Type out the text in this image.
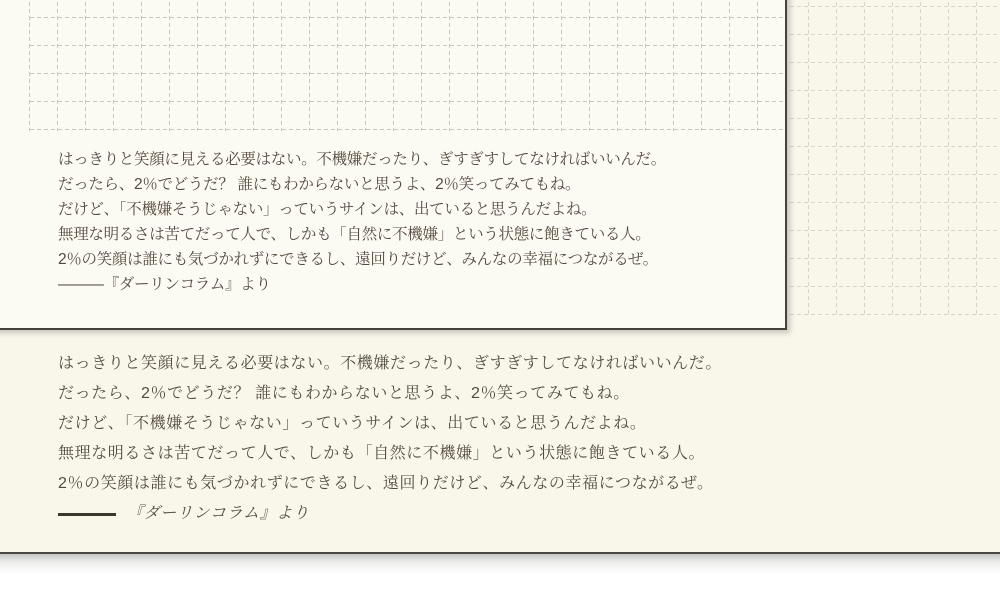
はっきりと笑顔に見える必要はない。不機嫌だったり、ぎすぎすしてなければいいんだ。
だったら、2％でどうだ？ 誰にもわからないと思うよ、2％笑ってみてもね。
だけど、「不機嫌そうじゃない」っていうサインは、出ていると思うんだよね。
無理な明るさは苦てだって人で、しかも「自然に不機嫌」という状態に飽きている人。
2％の笑顔は誰にも気づかれずにできるし、遠回りだけど、みんなの幸福につながるぜ。
―――『ダーリンコラム』より
はっきりと笑顔に見える必要はない。不機嫌だったり、ぎすぎすしてなければいいんだ。
だったら、2％でどうだ？ 誰にもわからないと思うよ、2％笑ってみてもね。
だけど、「不機嫌そうじゃない」っていうサインは、出ていると思うんだよね。
無理な明るさは苦てだって人で、しかも「自然に不機嫌」という状態に飽きている人。
2％の笑顔は誰にも気づかれずにできるし、遠回りだけど、みんなの幸福につながるぜ。
『ダーリンコラム』より
